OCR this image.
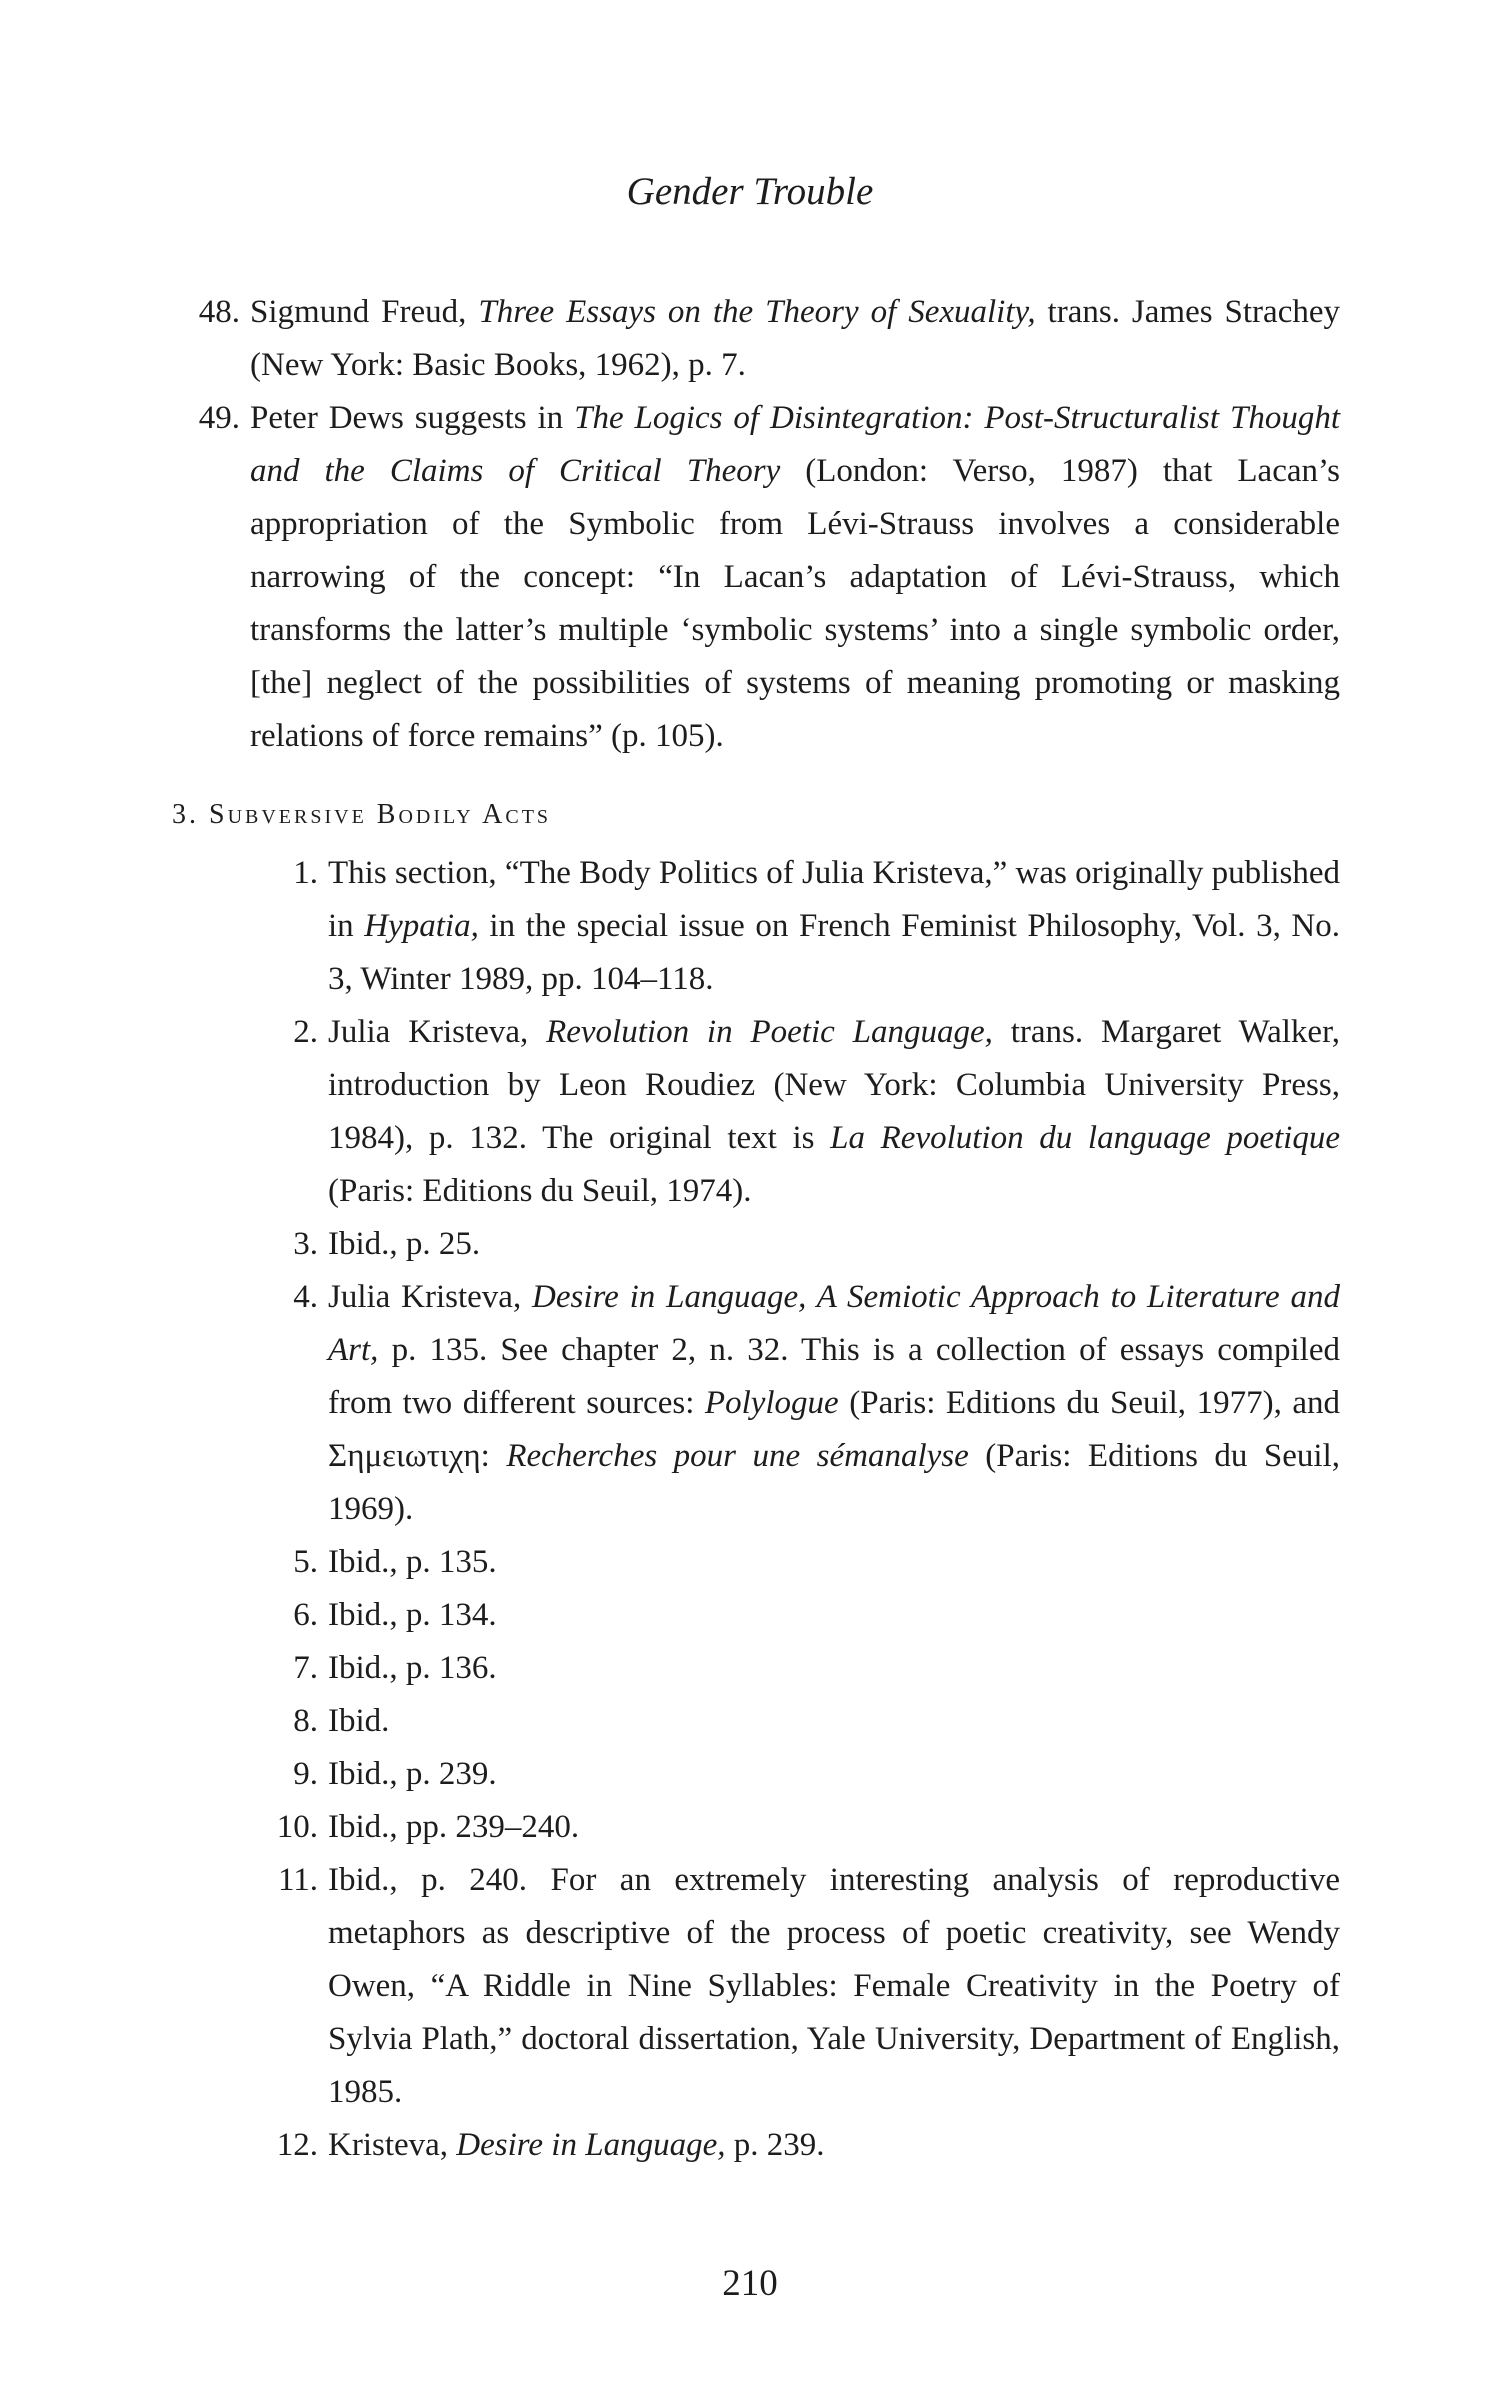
Gender Trouble

48. Sigmund Freud, Three Essays on the Theory of Sexuality, trans. James Strachey (New York: Basic Books, 1962), p. 7.

49. Peter Dews suggests in The Logics of Disintegration: Post-Structuralist Thought and the Claims of Critical Theory (London: Verso, 1987) that Lacan’s appropriation of the Symbolic from Lévi-Strauss involves a considerable narrowing of the concept: “In Lacan’s adaptation of Lévi-Strauss, which transforms the latter’s multiple ‘symbolic systems’ into a single symbolic order, [the] neglect of the possibilities of systems of meaning promoting or masking relations of force remains” (p. 105).

3. Subversive Bodily Acts

1. This section, “The Body Politics of Julia Kristeva,” was originally published in Hypatia, in the special issue on French Feminist Philosophy, Vol. 3, No. 3, Winter 1989, pp. 104–118.

2. Julia Kristeva, Revolution in Poetic Language, trans. Margaret Walker, introduction by Leon Roudiez (New York: Columbia University Press, 1984), p. 132. The original text is La Revolution du language poetique (Paris: Editions du Seuil, 1974).

3. Ibid., p. 25.

4. Julia Kristeva, Desire in Language, A Semiotic Approach to Literature and Art, p. 135. See chapter 2, n. 32. This is a collection of essays compiled from two different sources: Polylogue (Paris: Editions du Seuil, 1977), and Σημειωτιχη: Recherches pour une sémanalyse (Paris: Editions du Seuil, 1969).

5. Ibid., p. 135.

6. Ibid., p. 134.

7. Ibid., p. 136.

8. Ibid.

9. Ibid., p. 239.

10. Ibid., pp. 239–240.

11. Ibid., p. 240. For an extremely interesting analysis of reproductive metaphors as descriptive of the process of poetic creativity, see Wendy Owen, “A Riddle in Nine Syllables: Female Creativity in the Poetry of Sylvia Plath,” doctoral dissertation, Yale University, Department of English, 1985.

12. Kristeva, Desire in Language, p. 239.

210
